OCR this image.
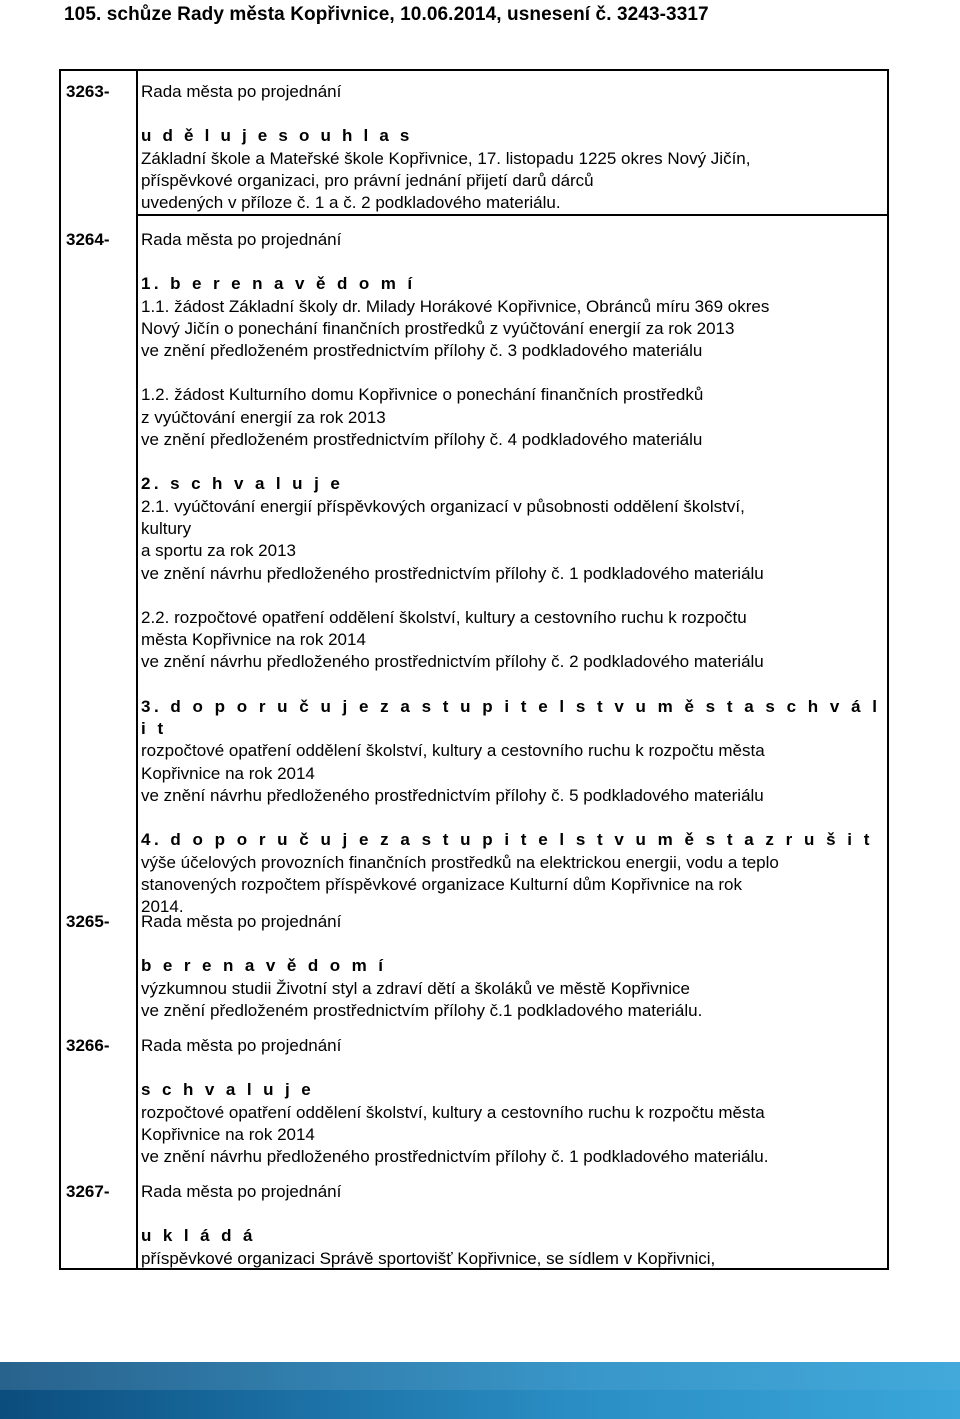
105. schůze Rady města Kopřivnice, 10.06.2014, usnesení č. 3243-3317
3263- Rada města po projednání

u d ě l u j e s o u h l a s

Základní škole a Mateřské škole Kopřivnice, 17. listopadu 1225 okres Nový Jičín,

příspěvkové organizaci, pro právní jednání přijetí darů dárců

uvedených v příloze č. 1 a č. 2 podkladového materiálu.

3264- Rada města po projednání

1. b e r e n a v ě d o m í

1.1. žádost Základní školy dr. Milady Horákové Kopřivnice, Obránců míru 369 okres

Nový Jičín o ponechání finančních prostředků z vyúčtování energií za rok 2013

ve znění předloženém prostřednictvím přílohy č. 3 podkladového materiálu

1.2. žádost Kulturního domu Kopřivnice o ponechání finančních prostředků

z vyúčtování energií za rok 2013

ve znění předloženém prostřednictvím přílohy č. 4 podkladového materiálu

2. s c h v a l u j e

2.1. vyúčtování energií příspěvkových organizací v působnosti oddělení školství,

kultury

a sportu za rok 2013

ve znění návrhu předloženého prostřednictvím přílohy č. 1 podkladového materiálu

2.2. rozpočtové opatření oddělení školství, kultury a cestovního ruchu k rozpočtu

města Kopřivnice na rok 2014

ve znění návrhu předloženého prostřednictvím přílohy č. 2 podkladového materiálu

3. d o p o r u č u j e z a s t u p i t e l s t v u m ě s t a s c h v á l i t

rozpočtové opatření oddělení školství, kultury a cestovního ruchu k rozpočtu města

Kopřivnice na rok 2014

ve znění návrhu předloženého prostřednictvím přílohy č. 5 podkladového materiálu

4. d o p o r u č u j e z a s t u p i t e l s t v u m ě s t a z r u š i t

výše účelových provozních finančních prostředků na elektrickou energii, vodu a teplo

stanovených rozpočtem příspěvkové organizace Kulturní dům Kopřivnice na rok

2014.

3265- Rada města po projednání

b e r e n a v ě d o m í

výzkumnou studii Životní styl a zdraví dětí a školáků ve městě Kopřivnice

ve znění předloženém prostřednictvím přílohy č.1 podkladového materiálu.

3266- Rada města po projednání

s c h v a l u j e

rozpočtové opatření oddělení školství, kultury a cestovního ruchu k rozpočtu města

Kopřivnice na rok 2014

ve znění návrhu předloženého prostřednictvím přílohy č. 1 podkladového materiálu.

3267- Rada města po projednání

u k l á d á

příspěvkové organizaci Správě sportovišť Kopřivnice, se sídlem v Kopřivnici,
